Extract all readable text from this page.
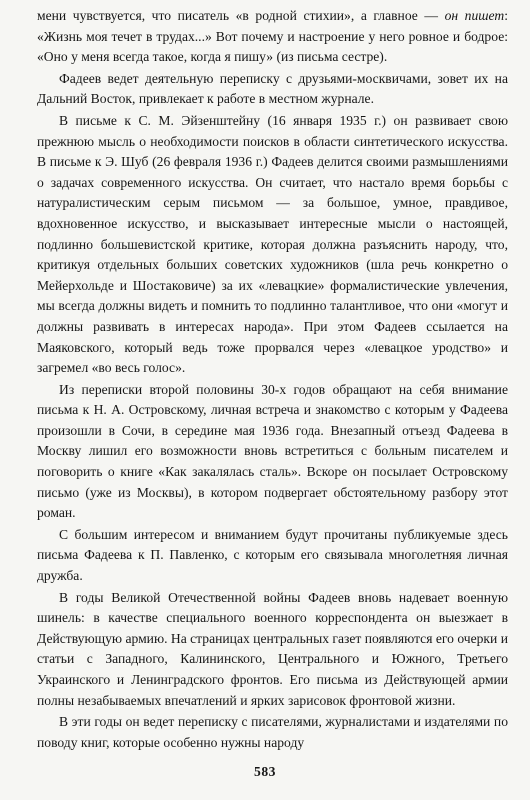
мени чувствуется, что писатель «в родной стихии», а главное — он пишет: «Жизнь моя течет в трудах...» Вот почему и настроение у него ровное и бодрое: «Оно у меня всегда такое, когда я пишу» (из письма сестре).

Фадеев ведет деятельную переписку с друзьями-москвичами, зовет их на Дальний Восток, привлекает к работе в местном журнале.

В письме к С. М. Эйзенштейну (16 января 1935 г.) он развивает свою прежнюю мысль о необходимости поисков в области синтетического искусства. В письме к Э. Шуб (26 февраля 1936 г.) Фадеев делится своими размышлениями о задачах современного искусства. Он считает, что настало время борьбы с натуралистическим серым письмом — за большое, умное, правдивое, вдохновенное искусство, и высказывает интересные мысли о настоящей, подлинно большевистской критике, которая должна разъяснить народу, что, критикуя отдельных больших советских художников (шла речь конкретно о Мейерхольде и Шостаковиче) за их «левацкие» формалистические увлечения, мы всегда должны видеть и помнить то подлинно талантливое, что они «могут и должны развивать в интересах народа». При этом Фадеев ссылается на Маяковского, который ведь тоже прорвался через «левацкое уродство» и загремел «во весь голос».

Из переписки второй половины 30-х годов обращают на себя внимание письма к Н. А. Островскому, личная встреча и знакомство с которым у Фадеева произошли в Сочи, в середине мая 1936 года. Внезапный отъезд Фадеева в Москву лишил его возможности вновь встретиться с больным писателем и поговорить о книге «Как закалялась сталь». Вскоре он посылает Островскому письмо (уже из Москвы), в котором подвергает обстоятельному разбору этот роман.

С большим интересом и вниманием будут прочитаны публикуемые здесь письма Фадеева к П. Павленко, с которым его связывала многолетняя личная дружба.

В годы Великой Отечественной войны Фадеев вновь надевает военную шинель: в качестве специального военного корреспондента он выезжает в Действующую армию. На страницах центральных газет появляются его очерки и статьи с Западного, Калининского, Центрального и Южного, Третьего Украинского и Ленинградского фронтов. Его письма из Действующей армии полны незабываемых впечатлений и ярких зарисовок фронтовой жизни.

В эти годы он ведет переписку с писателями, журналистами и издателями по поводу книг, которые особенно нужны народу

583
